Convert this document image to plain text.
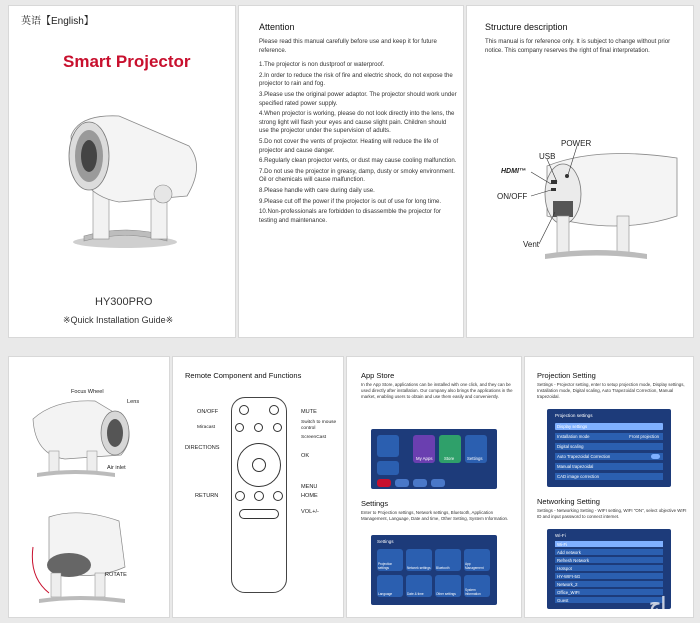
英语【English】
Smart Projector
HY300PRO
※Quick Installation Guide※
Attention
Please read this manual carefully before use and keep it for future reference.
1.The projector is non dustproof or waterproof.
2.In order to reduce the risk of fire and electric shock, do not expose the projector to rain and fog.
3.Please use the original power adaptor. The projector should work under specified rated power supply.
4.When projector is working, please do not look directly into the lens, the strong light will flash your eyes and cause slight pain. Children should use the projector under the supervision of adults.
5.Do not cover the vents of projector. Heating will reduce the life of projector and cause danger.
6.Regularly clean projector vents, or dust may cause cooling malfunction.
7.Do not use the projector in greasy, damp, dusty or smoky environment. Oil or chemicals will cause malfunction.
8.Please handle with care during daily use.
9.Please cut off the power if the projector is out of use for long time.
10.Non-professionals are forbidden to disassemble the projector for testing and maintenance.
Structure description
This manual is for reference only. It is subject to change without prior notice. This company reserves the right of final interpretation.
POWER
USB
HDMI™
ON/OFF
Vent
Focus Wheel
Lens
Air inlet
ROTATE
Remote Component and Functions
ON/OFF
Miracast
DIRECTIONS
RETURN
MUTE
Switch to mouse control
ScreenCast
OK
MENU
HOME
VOL+/-
App Store
In the App Store, applications can be installed with one click, and they can be used directly after installation. Our company also brings the applications in the market, enabling users to obtain and use them easily and conveniently.
My Apps	Store	Settings
Settings
Enter to Projection settings, Network settings, Bluetooth, Application Management, Language, Date and time, Other Setting, System Information.
Settings
Projection settings	Network settings Bluetooth
App Management
Language	Date & time	Other settings
System information
Projection Setting
Settings - Projector setting, enter to setup projection mode, Display settings, Installation mode, Digital scaling, Auto Trapezoidal Correction, Manual trapezoidal.
Projection settings
Display settings
Installation mode	Front projection
Digital scaling
Auto Trapezoidal Correction
Manual trapezoidal
CAD image correction
Networking Setting
Settings - Networking Setting - WIFI setting, WIFI "ON", select objective WIFI ID and input password to connect internet.
Wi-Fi
Wi-Fi
Add network
Refresh Network
Hotspot
HY-WIFI-5G
Network_2
Office_WIFI
Guest	حراج
